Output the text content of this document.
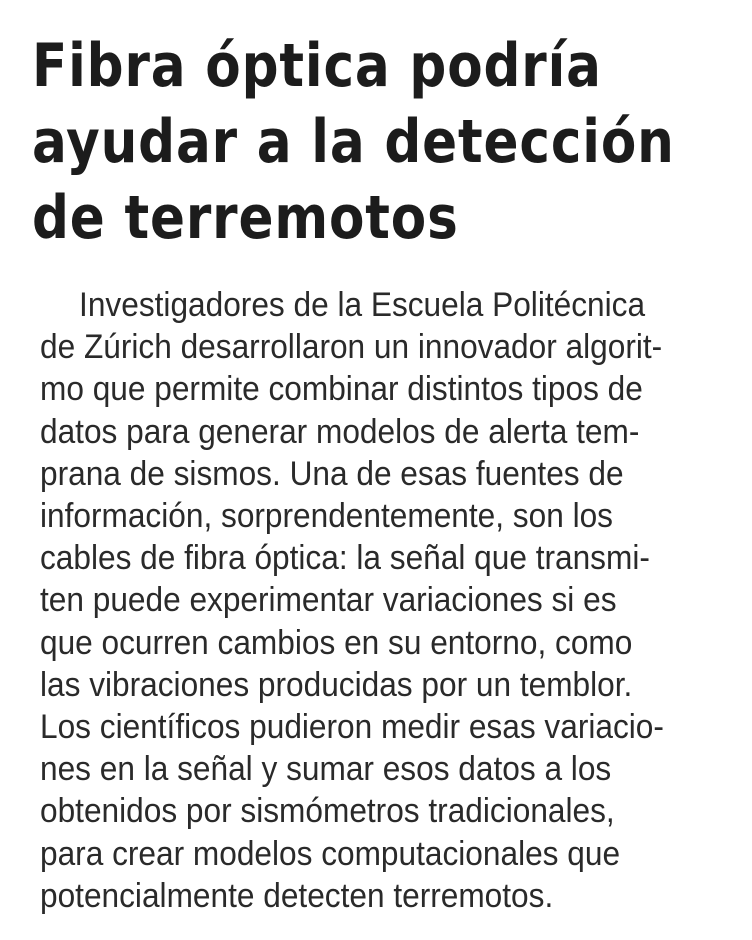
Fibra óptica podría
ayudar a la detección
de terremotos
Investigadores de la Escuela Politécnica
de Zúrich desarrollaron un innovador algorit-
mo que permite combinar distintos tipos de
datos para generar modelos de alerta tem-
prana de sismos. Una de esas fuentes de
información, sorprendentemente, son los
cables de fibra óptica: la señal que transmi-
ten puede experimentar variaciones si es
que ocurren cambios en su entorno, como
las vibraciones producidas por un temblor.
Los científicos pudieron medir esas variacio-
nes en la señal y sumar esos datos a los
obtenidos por sismómetros tradicionales,
para crear modelos computacionales que
potencialmente detecten terremotos.
